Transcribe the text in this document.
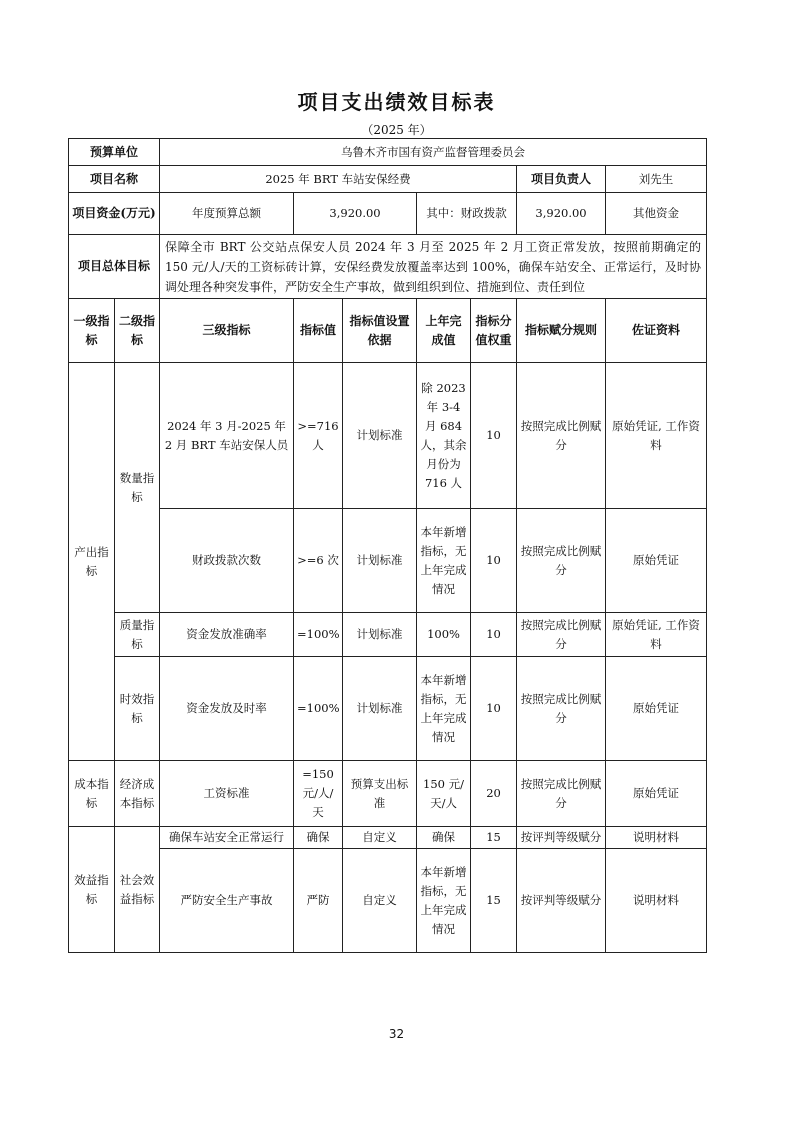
项目支出绩效目标表
（2025 年）
预算单位		乌鲁木齐市国有资产监督管理委员会							
项目名称		2025 年 BRT 车站安保经费					项目负责人	刘先生	
项目资金(万元)		年度预算总额	3,920.00		其中：财政拨款		3,920.00	其他资金	

项目总体目标		保障全市 BRT 公交站点保安人员 2024 年 3 月至 2025 年 2 月工资正常发放，按照前期确定的 150 元/人/天的工资标砖计算，安保经费发放覆盖率达到 100%，确保车站安全、正常运行，及时协调处理各种突发事件，严防安全生产事故，做到组织到位、措施到位、责任到位							
一级指标	二级指标	三级指标	指标值	指标值设置依据	上年完成值	指标分值权重	指标赋分规则	佐证资料	
产出指标	数量指标	2024 年 3 月-2025 年 2 月 BRT 车站安保人员	>=716 人	计划标准	除 2023 年 3-4 月 684 人，其余月份为 716 人	10	按照完成比例赋分	原始凭证, 工作资料	
		财政拨款次数	>=6 次	计划标准	本年新增指标，无上年完成情况	10	按照完成比例赋分	原始凭证	
	质量指标	资金发放准确率	=100%	计划标准	100%	10	按照完成比例赋分	原始凭证, 工作资料	
	时效指标	资金发放及时率	=100%	计划标准	本年新增指标，无上年完成情况	10	按照完成比例赋分	原始凭证	
成本指标	经济成本指标	工资标准	=150 元/人/天	预算支出标准	150 元/天/人	20	按照完成比例赋分	原始凭证	
效益指标	社会效益指标	确保车站安全正常运行	确保	自定义	确保	15	按评判等级赋分	说明材料	
		严防安全生产事故	严防	自定义	本年新增指标，无上年完成情况	15	按评判等级赋分	说明材料	
32
